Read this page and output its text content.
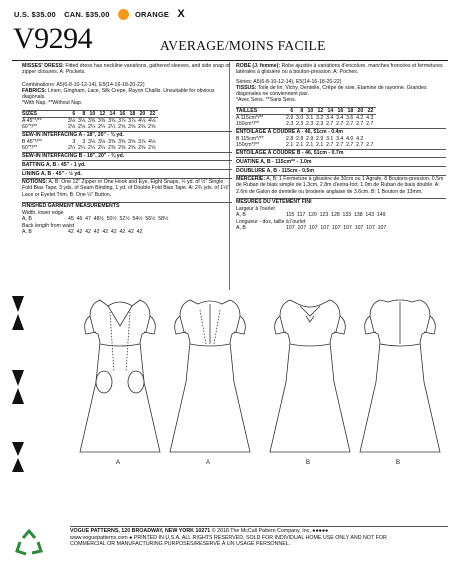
U.S. $35.00 CAN. $35.00	ORANGE X
V9294	AVERAGE/MOINS FACILE
MISSES' DRESS: Fitted dress has neckline variations, gathered sleeves, and side snap or zipper closures. A: Pockets.
Combinations: A5(6-8-10-12-14), E5(14-16-18-20-22)
FABRICS: Linen, Gingham, Lace, Silk Crepe, Rayon Challis. Unsuitable for obvious diagonals.
*With Nap. **Without Nap.
SIZES	6	8	10	12	14	16	18	20	22
A 45"*/**	3⅛	3⅛	3⅜	3⅜	3⅜	3⅞	3⅞	4⅛	4⅛
60"*/**	2⅛	2⅛	2¼	2¼	2¼	2⅝	2⅝	2⅝	2⅝
SEW-IN INTERFACING A - 18", 20" - ¾ yd.
B 45"*/**	3	3	3⅛	3⅛	3⅜	3⅜	3⅝	3⅞	4⅛
60"*/**	2¼	2¼	2¼	2¼	2⅜	2⅜	2⅝	2⅝	2⅝
SEW-IN INTERFACING B - 18", 20" - ¾ yd.
BATTING A, B - 45" - 1 yd.
LINING A, B - 45" - ½ yd.
NOTIONS: A, B: One 12" Zipper or One Hook and Eye, Eight Snaps, ½ yd. of ½" Single Fold Bias Tape, 3 yds. of Seam Binding, 1 yd. of Double Fold Bias Tape. A: 2¾ yds. of 1⅛" Lace or Eyelet Trim. B: One ½" Button.
FINISHED GARMENT MEASUREMENTS
Width, lower edge
A, B	45	46	47	48½	50½	52½	54½	56½	58½
Back length from waist
A, B	42	42	42	42	42	42	42	42	42
ROBE (J. femme): Robe ajustée à variations d'encolure, manches froncées et fermetures latérales à glissière ou à bouton-pression. A: Poches.
Séries: A5(6-8-10-12-14), E5(14-16-18-20-22)
TISSUS: Toile de lin, Vichy, Dentelle, Crêpe de soie, Etamine de rayonne. Grandes diagonales ne conviennent pas.
*Avec Sens. **Sans Sens.
TAILLES	6	8	10	12	14	16	18	20	22
A 115cm*/**	2.9	3.0	3.1	3.2	3.4	3.4	3.6	4.2	4.3
150cm*/**	2.3	2.3	2.3	2.3	2.7	2.7	2.7	2.7	2.7
ENTOILAGE À COUDRE A - 46, 51cm - 0.4m
B 115cm*/**	2.8	2.8	2.9	2.9	3.1	3.4	4.0	4.2	
150cm*/**	2.1	2.1	2.1	2.1	2.7	2.7	2.7	2.7	2.7
ENTOILAGE À COUDRE B - 46, 51cm - 0.7m
OUATINE A, B - 115cm** - 1.0m
DOUBLURE A, B - 115cm - 0.5m
MERCERIE: A, B: 1 Fermeture à glissière de 30cm ou 1 Agrafe, 8 Boutons-pression, 0.5m de Ruban de biais simple de 1.3cm, 2.8m d'extra-fort, 1.0m de Ruban de biais double. A: 2.6m de Galon de dentelle ou broderie anglaise de 3.6cm. B: 1 Bouton de 13mm.
MESURES DU VÊTEMENT FINI
Largeur à l'ourlet
A, B	115	117	120	123	128	133	138	143	149
Longueur - dos, taille à l'ourlet
A, B	107	107	107	107	107	107	107	107	107
A	A	B	B
VOGUE PATTERNS, 120 BROADWAY, NEW YORK 10271 © 2018 The McCall Pattern Company, Inc. ●●●●●
www.voguepatterns.com ● PRINTED IN U.S.A. ALL RIGHTS RESERVED. SOLD FOR INDIVIDUAL HOME USE ONLY AND NOT FOR
COMMERCIAL OR MANUFACTURING PURPOSES/RESERVÉ À UN USAGE PERSONNEL.
